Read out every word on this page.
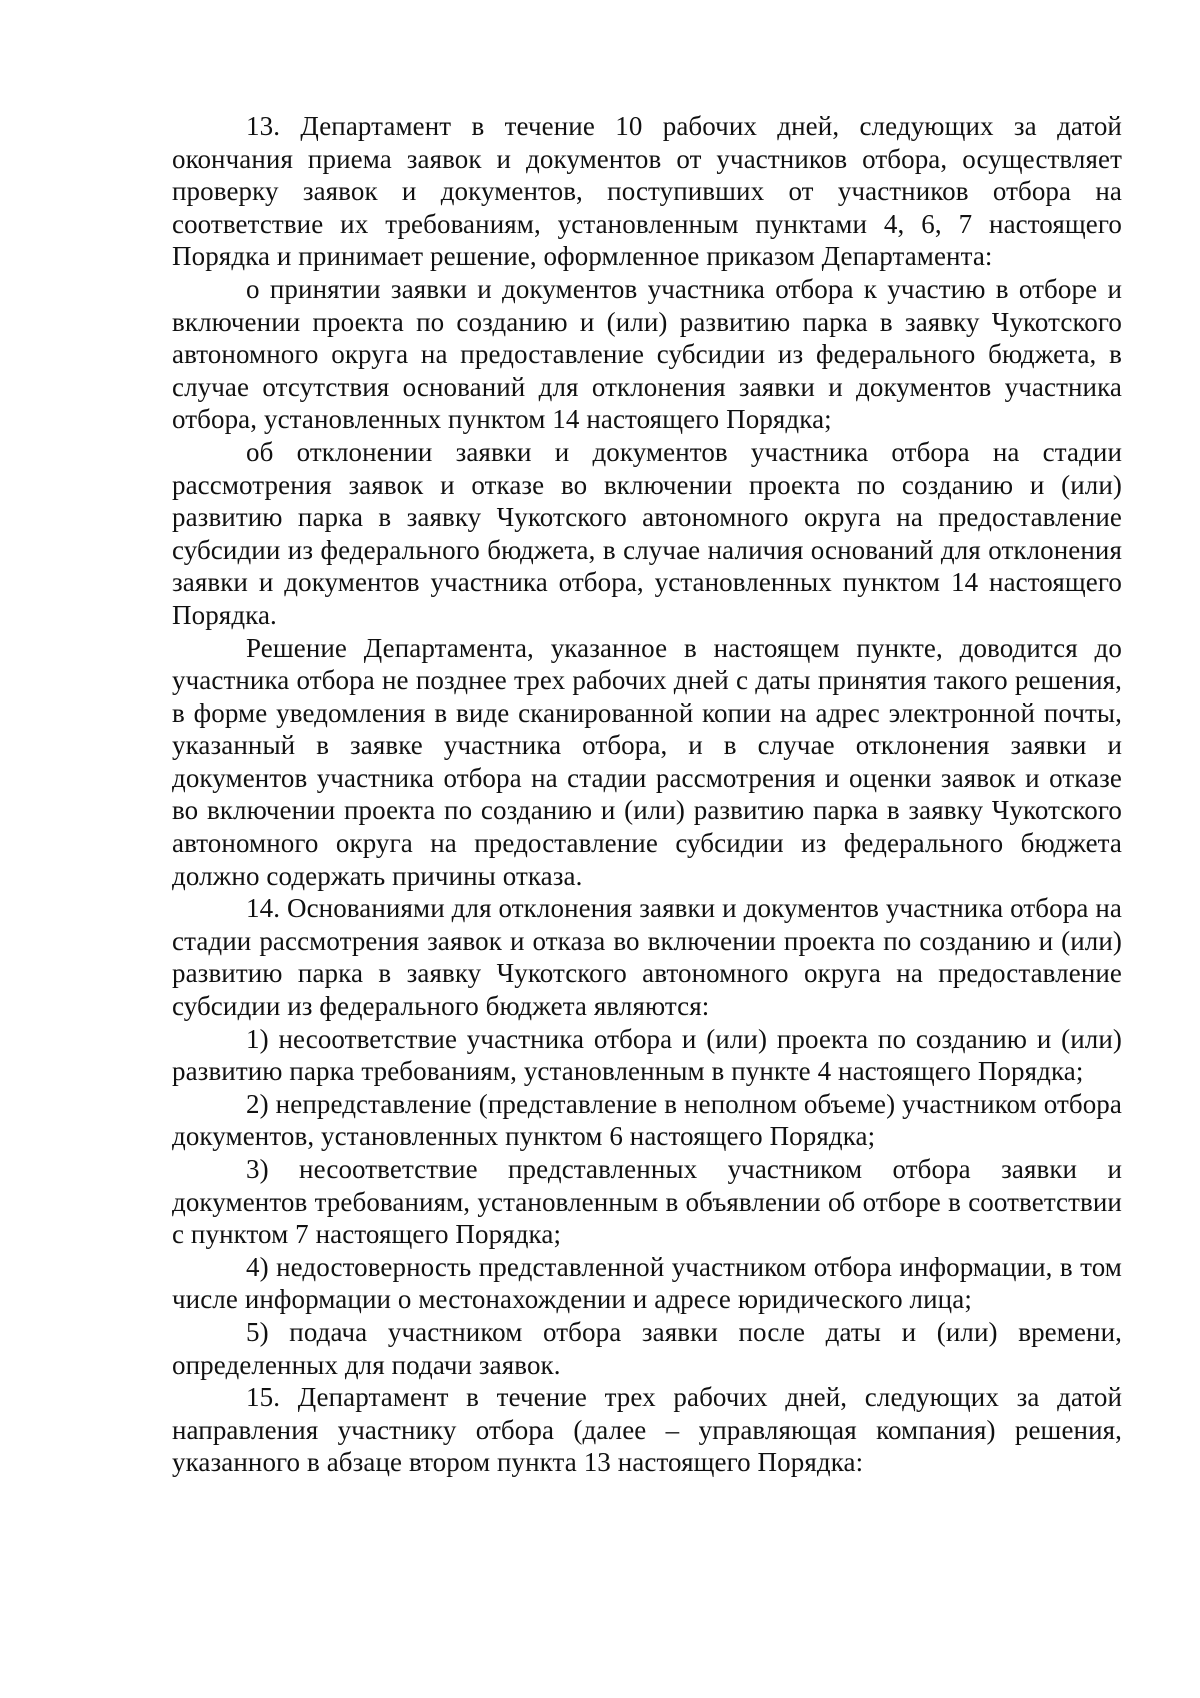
13. Департамент в течение 10 рабочих дней, следующих за датой окончания приема заявок и документов от участников отбора, осуществляет проверку заявок и документов, поступивших от участников отбора на соответствие их требованиям, установленным пунктами 4, 6, 7 настоящего Порядка и принимает решение, оформленное приказом Департамента:

о принятии заявки и документов участника отбора к участию в отборе и включении проекта по созданию и (или) развитию парка в заявку Чукотского автономного округа на предоставление субсидии из федерального бюджета, в случае отсутствия оснований для отклонения заявки и документов участника отбора, установленных пунктом 14 настоящего Порядка;

об отклонении заявки и документов участника отбора на стадии рассмотрения заявок и отказе во включении проекта по созданию и (или) развитию парка в заявку Чукотского автономного округа на предоставление субсидии из федерального бюджета, в случае наличия оснований для отклонения заявки и документов участника отбора, установленных пунктом 14 настоящего Порядка.

Решение Департамента, указанное в настоящем пункте, доводится до участника отбора не позднее трех рабочих дней с даты принятия такого решения, в форме уведомления в виде сканированной копии на адрес электронной почты, указанный в заявке участника отбора, и в случае отклонения заявки и документов участника отбора на стадии рассмотрения и оценки заявок и отказе во включении проекта по созданию и (или) развитию парка в заявку Чукотского автономного округа на предоставление субсидии из федерального бюджета должно содержать причины отказа.

14. Основаниями для отклонения заявки и документов участника отбора на стадии рассмотрения заявок и отказа во включении проекта по созданию и (или) развитию парка в заявку Чукотского автономного округа на предоставление субсидии из федерального бюджета являются:

1) несоответствие участника отбора и (или) проекта по созданию и (или) развитию парка требованиям, установленным в пункте 4 настоящего Порядка;

2) непредставление (представление в неполном объеме) участником отбора документов, установленных пунктом 6 настоящего Порядка;

3) несоответствие представленных участником отбора заявки и документов требованиям, установленным в объявлении об отборе в соответствии с пунктом 7 настоящего Порядка;

4) недостоверность представленной участником отбора информации, в том числе информации о местонахождении и адресе юридического лица;

5) подача участником отбора заявки после даты и (или) времени, определенных для подачи заявок.

15. Департамент в течение трех рабочих дней, следующих за датой направления участнику отбора (далее – управляющая компания) решения, указанного в абзаце втором пункта 13 настоящего Порядка:
